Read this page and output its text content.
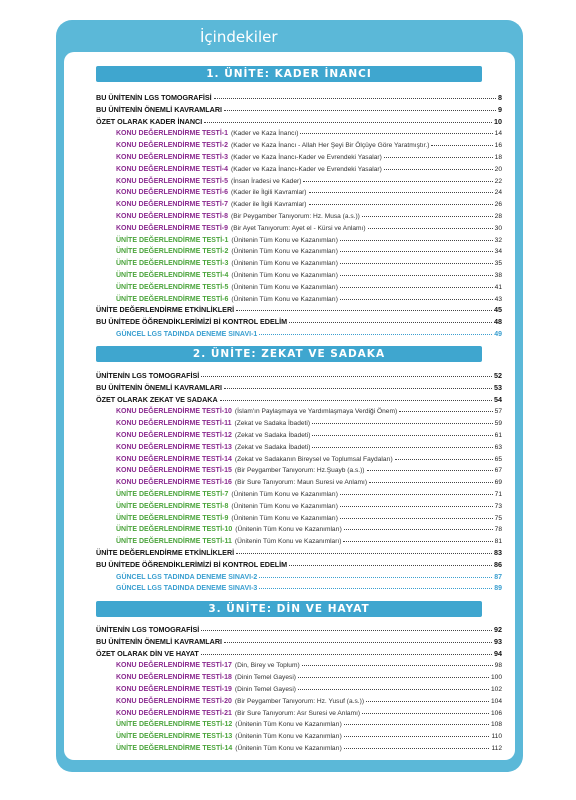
İçindekiler
1. ÜNİTE: KADER İNANCI
BU ÜNİTENİN LGS TOMOGRAFİSİ	8
BU ÜNİTENİN ÖNEMLİ KAVRAMLARI	9
ÖZET OLARAK KADER İNANCI	10
KONU DEĞERLENDİRME TESTİ-1 (Kader ve Kaza İnancı)	14
KONU DEĞERLENDİRME TESTİ-2 (Kader ve Kaza İnancı - Allah Her Şeyi Bir Ölçüye Göre Yaratmıştır.)	16
KONU DEĞERLENDİRME TESTİ-3 (Kader ve Kaza İnancı-Kader ve Evrendeki Yasalar)	18
KONU DEĞERLENDİRME TESTİ-4 (Kader ve Kaza İnancı-Kader ve Evrendeki Yasalar)	20
KONU DEĞERLENDİRME TESTİ-5 (İnsan İradesi ve Kader)	22
KONU DEĞERLENDİRME TESTİ-6 (Kader ile İlgili Kavramlar)	24
KONU DEĞERLENDİRME TESTİ-7 (Kader ile İlgili Kavramlar)	26
KONU DEĞERLENDİRME TESTİ-8 (Bir Peygamber Tanıyorum: Hz. Musa (a.s.))	28
KONU DEĞERLENDİRME TESTİ-9 (Bir Ayet Tanıyorum: Ayet el - Kürsi ve Anlamı)	30
ÜNİTE DEĞERLENDİRME TESTİ-1 (Ünitenin Tüm Konu ve Kazanımları)	32
ÜNİTE DEĞERLENDİRME TESTİ-2 (Ünitenin Tüm Konu ve Kazanımları)	34
ÜNİTE DEĞERLENDİRME TESTİ-3 (Ünitenin Tüm Konu ve Kazanımları)	35
ÜNİTE DEĞERLENDİRME TESTİ-4 (Ünitenin Tüm Konu ve Kazanımları)	38
ÜNİTE DEĞERLENDİRME TESTİ-5 (Ünitenin Tüm Konu ve Kazanımları)	41
ÜNİTE DEĞERLENDİRME TESTİ-6 (Ünitenin Tüm Konu ve Kazanımları)	43
ÜNİTE DEĞERLENDİRME ETKİNLİKLERİ	45
BU ÜNİTEDE ÖĞRENDİKLERİMİZİ Bİ KONTROL EDELİM	48
GÜNCEL LGS TADINDA DENEME SINAVI-1	49
2. ÜNİTE: ZEKAT VE SADAKA
ÜNİTENİN LGS TOMOGRAFİSİ	52
BU ÜNİTENİN ÖNEMLİ KAVRAMLARI	53
ÖZET OLARAK ZEKAT VE SADAKA	54
KONU DEĞERLENDİRME TESTİ-10 (İslam'ın Paylaşmaya ve Yardımlaşmaya Verdiği Önem)	57
KONU DEĞERLENDİRME TESTİ-11 (Zekat ve Sadaka İbadeti)	59
KONU DEĞERLENDİRME TESTİ-12 (Zekat ve Sadaka İbadeti)	61
KONU DEĞERLENDİRME TESTİ-13 (Zekat ve Sadaka İbadeti)	63
KONU DEĞERLENDİRME TESTİ-14 (Zekat ve Sadakanın Bireysel ve Toplumsal Faydaları)	65
KONU DEĞERLENDİRME TESTİ-15 (Bir Peygamber Tanıyorum: Hz.Şuayb (a.s.))	67
KONU DEĞERLENDİRME TESTİ-16 (Bir Sure Tanıyorum: Maun Suresi ve Anlamı)	69
ÜNİTE DEĞERLENDİRME TESTİ-7 (Ünitenin Tüm Konu ve Kazanımları)	71
ÜNİTE DEĞERLENDİRME TESTİ-8 (Ünitenin Tüm Konu ve Kazanımları)	73
ÜNİTE DEĞERLENDİRME TESTİ-9 (Ünitenin Tüm Konu ve Kazanımları)	75
ÜNİTE DEĞERLENDİRME TESTİ-10 (Ünitenin Tüm Konu ve Kazanımları)	78
ÜNİTE DEĞERLENDİRME TESTİ-11 (Ünitenin Tüm Konu ve Kazanımları)	81
ÜNİTE DEĞERLENDİRME ETKİNLİKLERİ	83
BU ÜNİTEDE ÖĞRENDİKLERİMİZİ Bİ KONTROL EDELİM	86
GÜNCEL LGS TADINDA DENEME SINAVI-2	87
GÜNCEL LGS TADINDA DENEME SINAVI-3	89
3. ÜNİTE: DİN VE HAYAT
ÜNİTENİN LGS TOMOGRAFİSİ	92
BU ÜNİTENİN ÖNEMLİ KAVRAMLARI	93
ÖZET OLARAK DİN VE HAYAT	94
KONU DEĞERLENDİRME TESTİ-17 (Din, Birey ve Toplum)	98
KONU DEĞERLENDİRME TESTİ-18 (Dinin Temel Gayesi)	100
KONU DEĞERLENDİRME TESTİ-19 (Dinin Temel Gayesi)	102
KONU DEĞERLENDİRME TESTİ-20 (Bir Peygamber Tanıyorum: Hz. Yusuf (a.s.))	104
KONU DEĞERLENDİRME TESTİ-21 (Bir Sure Tanıyorum: Asr Suresi ve Anlamı)	106
ÜNİTE DEĞERLENDİRME TESTİ-12 (Ünitenin Tüm Konu ve Kazanımları)	108
ÜNİTE DEĞERLENDİRME TESTİ-13 (Ünitenin Tüm Konu ve Kazanımları)	110
ÜNİTE DEĞERLENDİRME TESTİ-14 (Ünitenin Tüm Konu ve Kazanımları)	112
